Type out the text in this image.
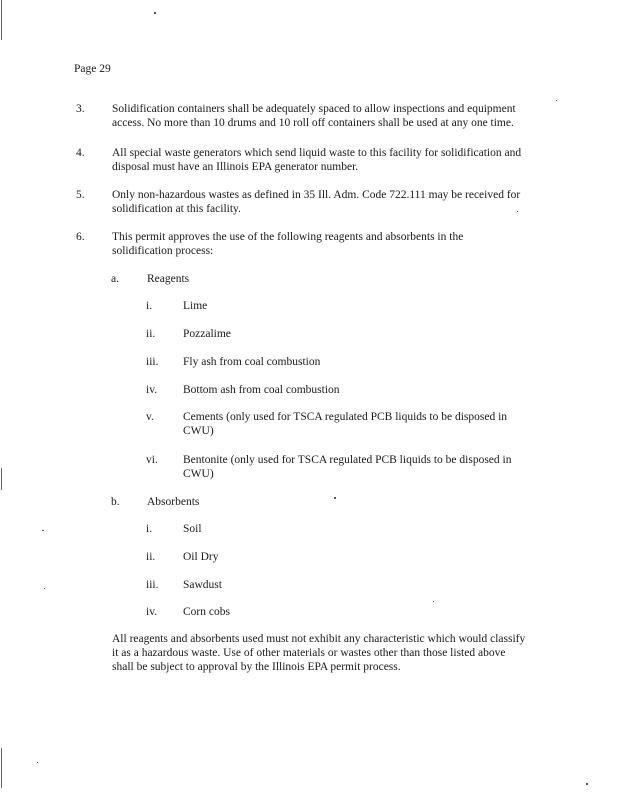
Page 29
3. Solidification containers shall be adequately spaced to allow inspections and equipment
access. No more than 10 drums and 10 roll off containers shall be used at any one time.
4. All special waste generators which send liquid waste to this facility for solidification and
disposal must have an Illinois EPA generator number.
5. Only non-hazardous wastes as defined in 35 Ill. Adm. Code 722.111 may be received for
solidification at this facility.
6. This permit approves the use of the following reagents and absorbents in the
solidification process:
a. Reagents
i.	Lime
ii. Pozzalime
iii. Fly ash from coal combustion
iv. Bottom ash from coal combustion
v.	Cements (only used for TSCA regulated PCB liquids to be disposed in
CWU)
vi. Bentonite (only used for TSCA regulated PCB liquids to be disposed in
CWU)
b. Absorbents
i.	Soil
ii. Oil Dry
iii. Sawdust
iv. Corn cobs
All reagents and absorbents used must not exhibit any characteristic which would classify
it as a hazardous waste. Use of other materials or wastes other than those listed above
shall be subject to approval by the Illinois EPA permit process.
